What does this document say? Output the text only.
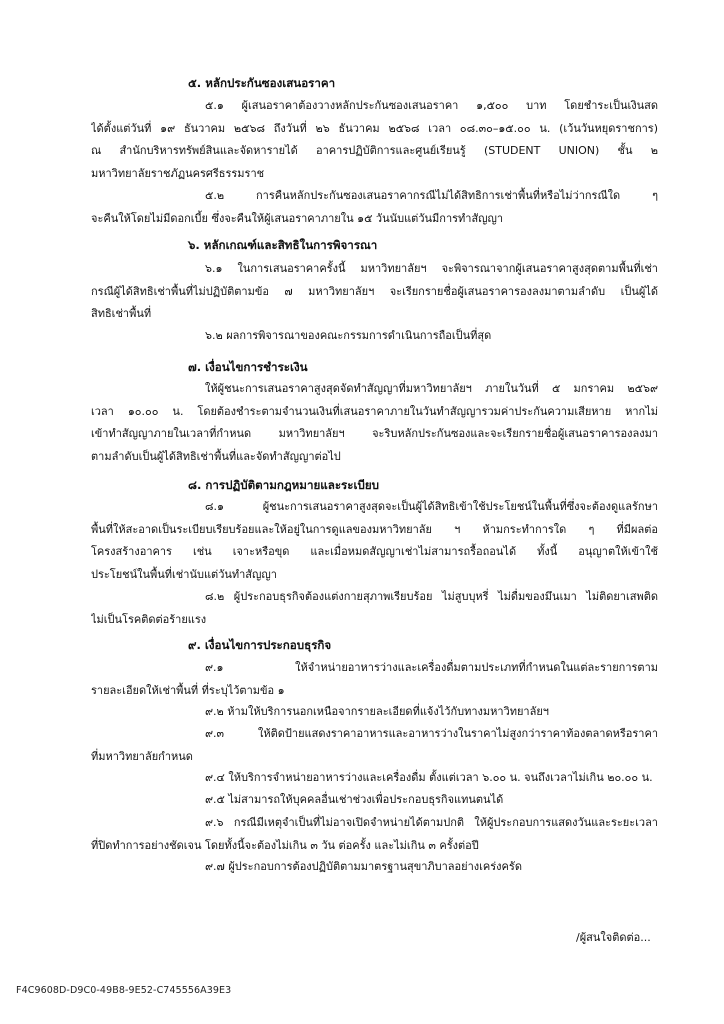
๕. หลักประกันซองเสนอราคา
๕.๑ ผู้เสนอราคาต้องวางหลักประกันซองเสนอราคา ๑,๕๐๐ บาท โดยชำระเป็นเงินสด
ได้ตั้งแต่วันที่ ๑๙ ธันวาคม ๒๕๖๘ ถึงวันที่ ๒๖ ธันวาคม ๒๕๖๘ เวลา ๐๘.๓๐–๑๕.๐๐ น. (เว้นวันหยุดราชการ)
ณ สำนักบริหารทรัพย์สินและจัดหารายได้ อาคารปฏิบัติการและศูนย์เรียนรู้ (STUDENT UNION) ชั้น ๒
มหาวิทยาลัยราชภัฏนครศรีธรรมราช
๕.๒ การคืนหลักประกันซองเสนอราคากรณีไม่ได้สิทธิการเช่าพื้นที่หรือไม่ว่ากรณีใด ๆ
จะคืนให้โดยไม่มีดอกเบี้ย ซึ่งจะคืนให้ผู้เสนอราคาภายใน ๑๕ วันนับแต่วันมีการทำสัญญา
๖. หลักเกณฑ์และสิทธิในการพิจารณา
๖.๑ ในการเสนอราคาครั้งนี้ มหาวิทยาลัยฯ จะพิจารณาจากผู้เสนอราคาสูงสุดตามพื้นที่เช่า
กรณีผู้ได้สิทธิเช่าพื้นที่ไม่ปฏิบัติตามข้อ ๗ มหาวิทยาลัยฯ จะเรียกรายชื่อผู้เสนอราคารองลงมาตามลำดับ เป็นผู้ได้
สิทธิเช่าพื้นที่
๖.๒ ผลการพิจารณาของคณะกรรมการดำเนินการถือเป็นที่สุด
๗. เงื่อนไขการชำระเงิน
ให้ผู้ชนะการเสนอราคาสูงสุดจัดทำสัญญาที่มหาวิทยาลัยฯ ภายในวันที่ ๕ มกราคม ๒๕๖๙
เวลา ๑๐.๐๐ น. โดยต้องชำระตามจำนวนเงินที่เสนอราคาภายในวันทำสัญญารวมค่าประกันความเสียหาย หากไม่
เข้าทำสัญญาภายในเวลาที่กำหนด มหาวิทยาลัยฯ จะริบหลักประกันซองและจะเรียกรายชื่อผู้เสนอราคารองลงมา
ตามลำดับเป็นผู้ได้สิทธิเช่าพื้นที่และจัดทำสัญญาต่อไป
๘. การปฏิบัติตามกฎหมายและระเบียบ
๘.๑ ผู้ชนะการเสนอราคาสูงสุดจะเป็นผู้ได้สิทธิเข้าใช้ประโยชน์ในพื้นที่ซึ่งจะต้องดูแลรักษา
พื้นที่ให้สะอาดเป็นระเบียบเรียบร้อยและให้อยู่ในการดูแลของมหาวิทยาลัย ฯ ห้ามกระทำการใด ๆ ที่มีผลต่อ
โครงสร้างอาคาร เช่น เจาะหรือขุด และเมื่อหมดสัญญาเช่าไม่สามารถรื้อถอนได้ ทั้งนี้ อนุญาตให้เข้าใช้
ประโยชน์ในพื้นที่เช่านับแต่วันทำสัญญา
๘.๒ ผู้ประกอบธุรกิจต้องแต่งกายสุภาพเรียบร้อย ไม่สูบบุหรี่ ไม่ดื่มของมึนเมา ไม่ติดยาเสพติด
ไม่เป็นโรคติดต่อร้ายแรง
๙. เงื่อนไขการประกอบธุรกิจ
๙.๑ ให้จำหน่ายอาหารว่างและเครื่องดื่มตามประเภทที่กำหนดในแต่ละรายการตาม
รายละเอียดให้เช่าพื้นที่ ที่ระบุไว้ตามข้อ ๑
๙.๒ ห้ามให้บริการนอกเหนือจากรายละเอียดที่แจ้งไว้กับทางมหาวิทยาลัยฯ
๙.๓ ให้ติดป้ายแสดงราคาอาหารและอาหารว่างในราคาไม่สูงกว่าราคาท้องตลาดหรือราคา
ที่มหาวิทยาลัยกำหนด
๙.๔ ให้บริการจำหน่ายอาหารว่างและเครื่องดื่ม ตั้งแต่เวลา ๖.๐๐ น. จนถึงเวลาไม่เกิน ๒๐.๐๐ น.
๙.๕ ไม่สามารถให้บุคคลอื่นเช่าช่วงเพื่อประกอบธุรกิจแทนตนได้
๙.๖ กรณีมีเหตุจำเป็นที่ไม่อาจเปิดจำหน่ายได้ตามปกติ ให้ผู้ประกอบการแสดงวันและระยะเวลา
ที่ปิดทำการอย่างชัดเจน โดยทั้งนี้จะต้องไม่เกิน ๓ วัน ต่อครั้ง และไม่เกิน ๓ ครั้งต่อปี
๙.๗ ผู้ประกอบการต้องปฏิบัติตามมาตรฐานสุขาภิบาลอย่างเคร่งครัด
/ผู้สนใจติดต่อ...
F4C9608D-D9C0-49B8-9E52-C745556A39E3
